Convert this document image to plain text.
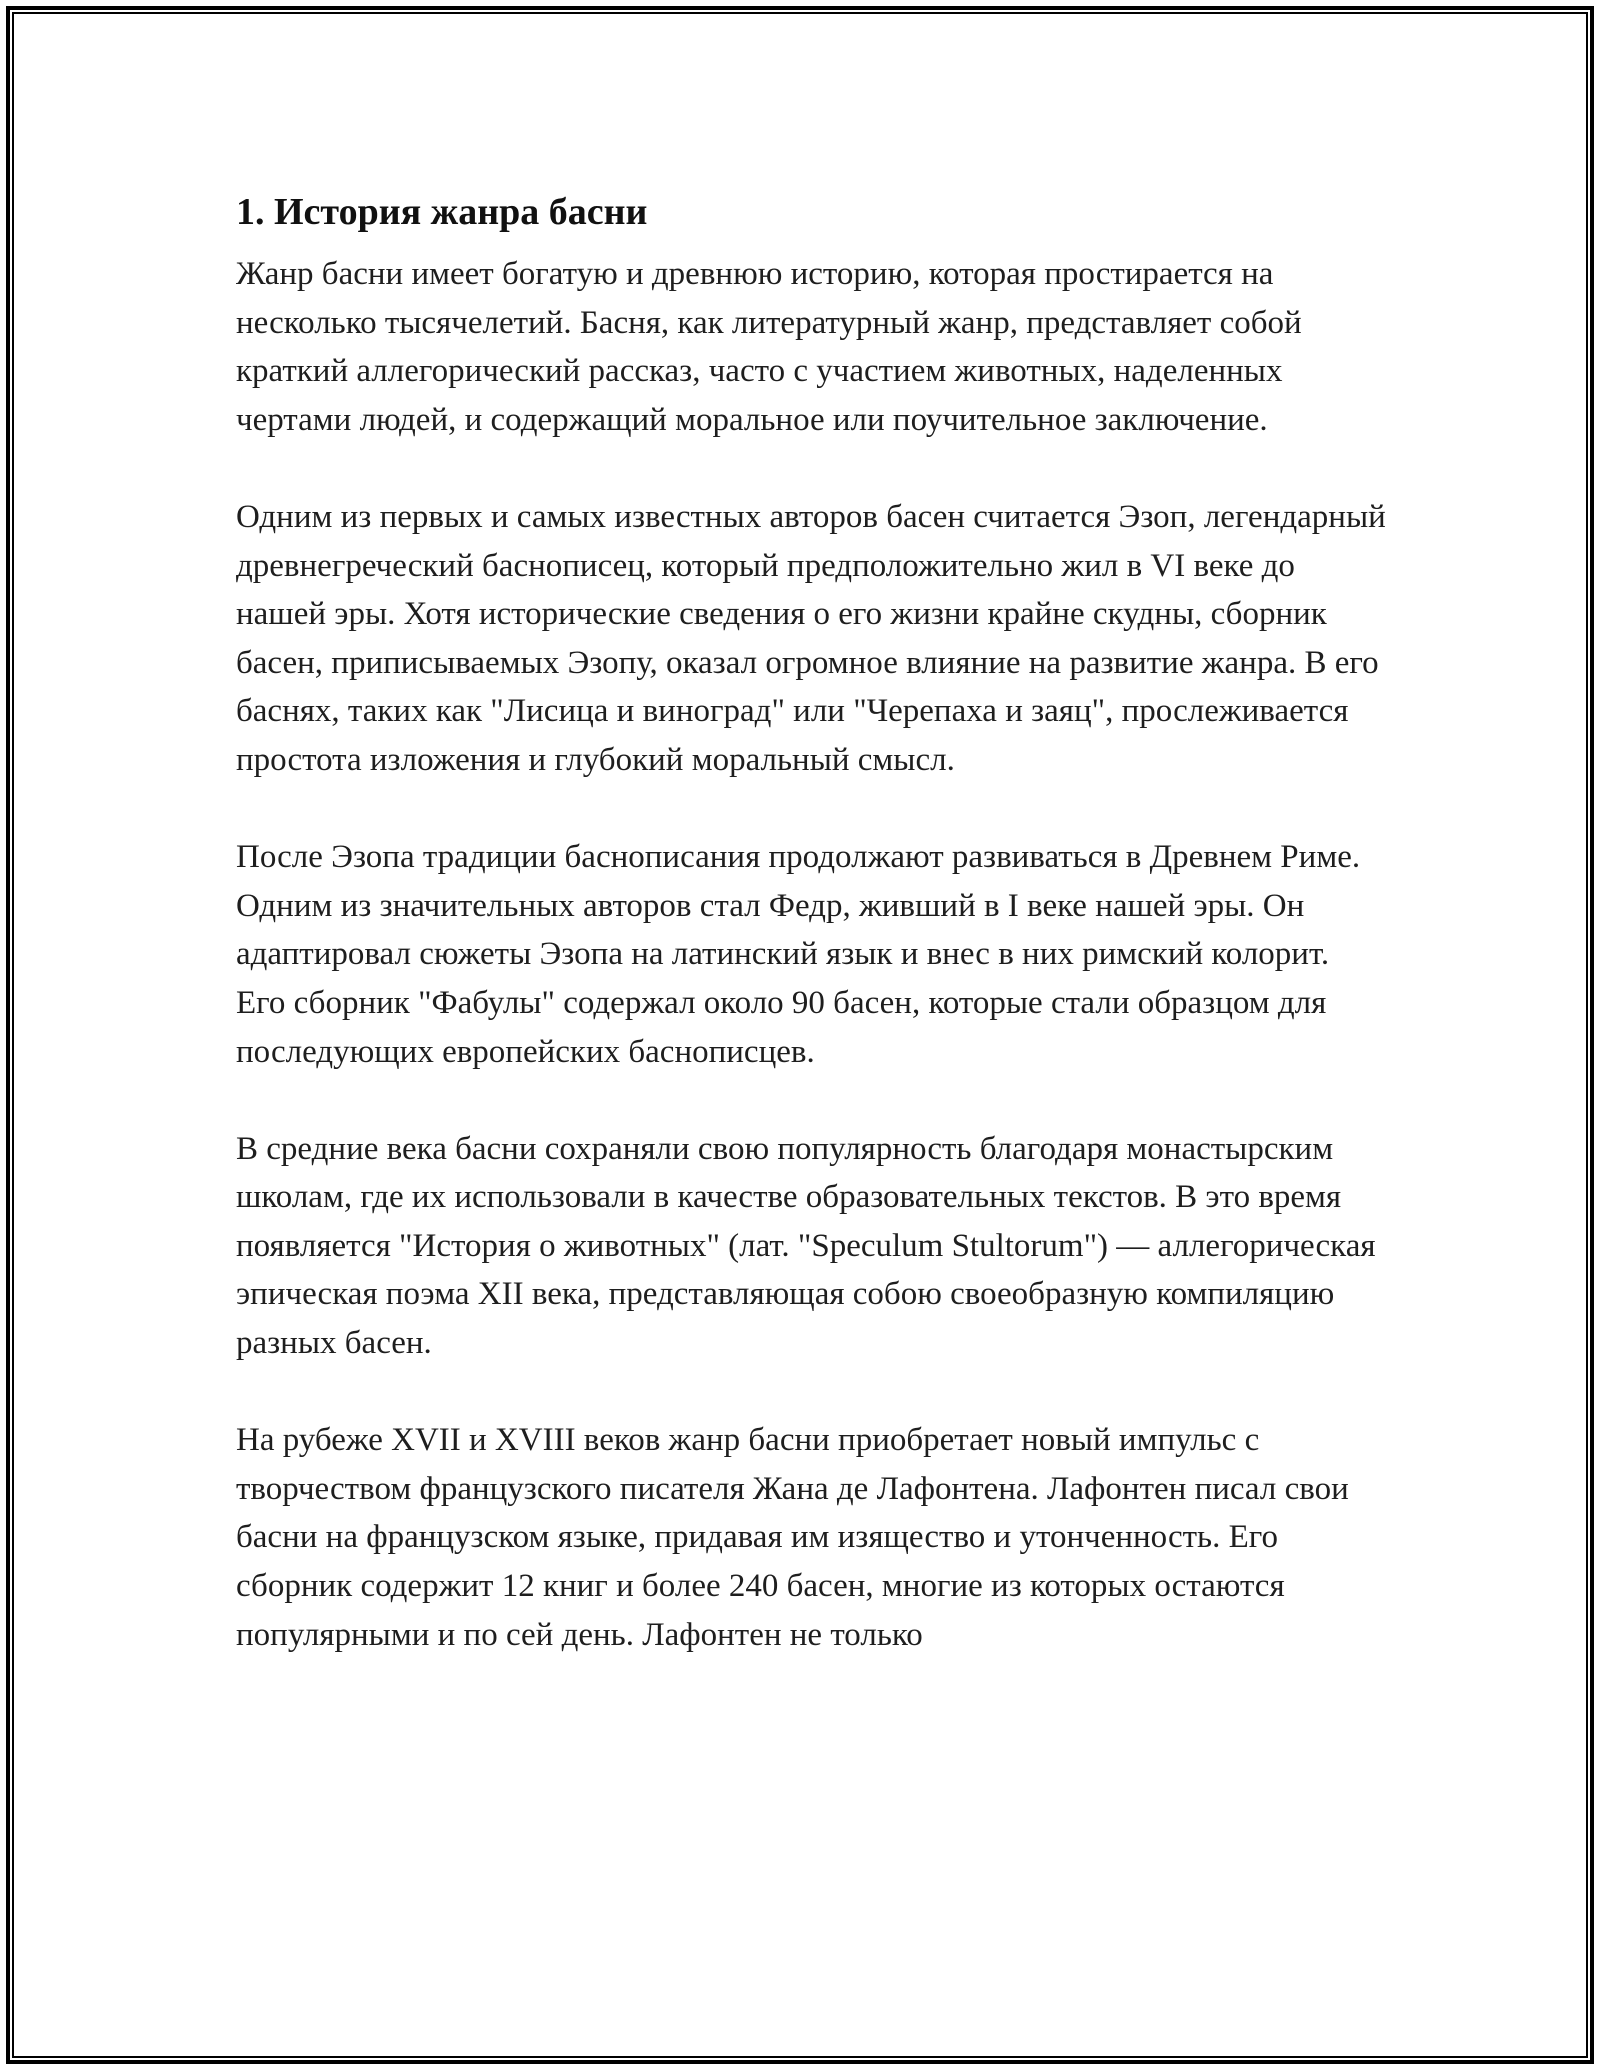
1. История жанра басни

Жанр басни имеет богатую и древнюю историю, которая простирается на несколько тысячелетий. Басня, как литературный жанр, представляет собой краткий аллегорический рассказ, часто с участием животных, наделенных чертами людей, и содержащий моральное или поучительное заключение.

Одним из первых и самых известных авторов басен считается Эзоп, легендарный древнегреческий баснописец, который предположительно жил в VI веке до нашей эры. Хотя исторические сведения о его жизни крайне скудны, сборник басен, приписываемых Эзопу, оказал огромное влияние на развитие жанра. В его баснях, таких как "Лисица и виноград" или "Черепаха и заяц", прослеживается простота изложения и глубокий моральный смысл.

После Эзопа традиции баснописания продолжают развиваться в Древнем Риме. Одним из значительных авторов стал Федр, живший в I веке нашей эры. Он адаптировал сюжеты Эзопа на латинский язык и внес в них римский колорит. Его сборник "Фабулы" содержал около 90 басен, которые стали образцом для последующих европейских баснописцев.

В средние века басни сохраняли свою популярность благодаря монастырским школам, где их использовали в качестве образовательных текстов. В это время появляется "История о животных" (лат. "Speculum Stultorum") — аллегорическая эпическая поэма XII века, представляющая собою своеобразную компиляцию разных басен.

На рубеже XVII и XVIII веков жанр басни приобретает новый импульс с творчеством французского писателя Жана де Лафонтена. Лафонтен писал свои басни на французском языке, придавая им изящество и утонченность. Его сборник содержит 12 книг и более 240 басен, многие из которых остаются популярными и по сей день. Лафонтен не только
